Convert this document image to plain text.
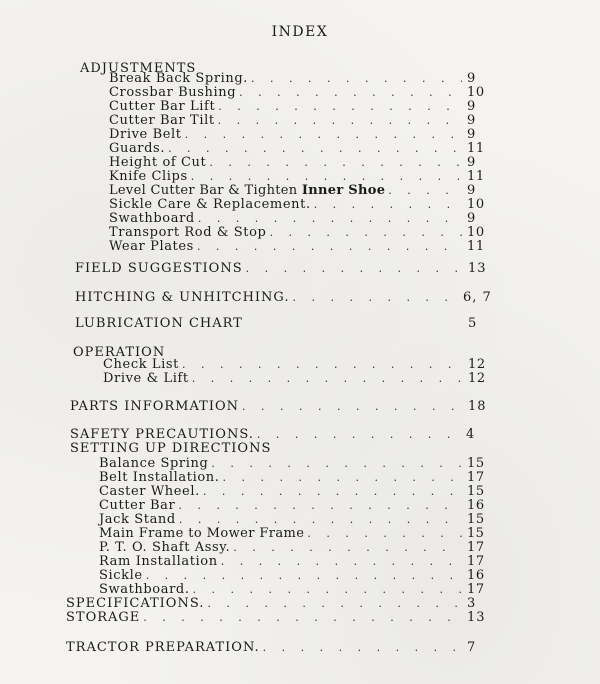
INDEX
ADJUSTMENTS
Break Back Spring. . . .	9
Crossbar Bushing . . .	10
Cutter Bar Lift . . .	9
Cutter Bar Tilt . . .	9
Drive Belt . . .	9
Guards. . . .	11
Height of Cut . . .	9
Knife Clips . . .	11
Level Cutter Bar & Tighten Inner Shoe . . .	9
Sickle Care & Replacement. . . .	10
Swathboard . . .	9
Transport Rod & Stop . . .	10
Wear Plates . . .	11
FIELD SUGGESTIONS . . .	13
HITCHING & UNHITCHING. . . .	6, 7
LUBRICATION CHART	5
OPERATION
Check List . . .	12
Drive & Lift . . .	12
PARTS INFORMATION . . .	18
SAFETY PRECAUTIONS. . . .	4
SETTING UP DIRECTIONS
Balance Spring . . .	15
Belt Installation. . . .	17
Caster Wheel. . . .	15
Cutter Bar . . .	16
Jack Stand . . .	15
Main Frame to Mower Frame . . .	15
P. T. O. Shaft Assy. . . .	17
Ram Installation . . .	17
Sickle . . .	16
Swathboard. . . .	17
SPECIFICATIONS. . . .	3
STORAGE . . .	13
TRACTOR PREPARATION. . . .	7
